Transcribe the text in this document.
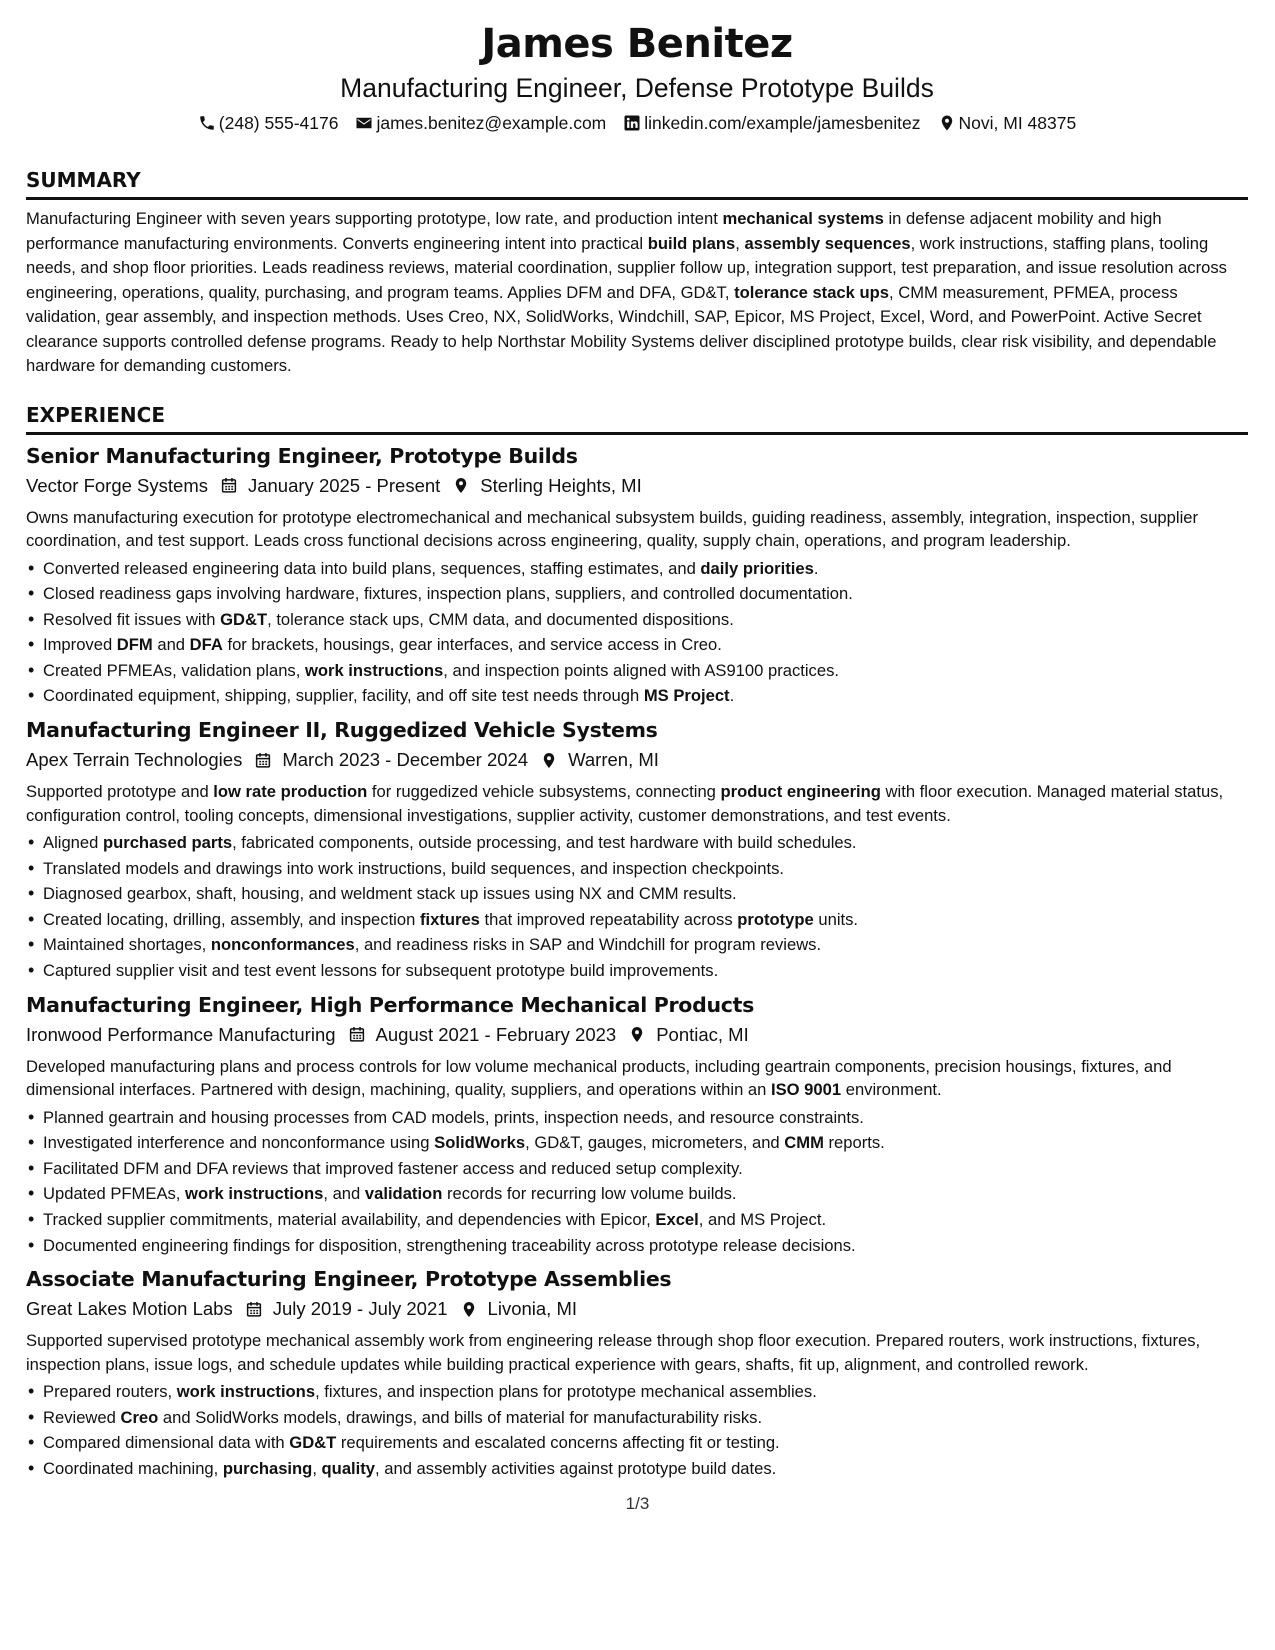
James Benitez
Manufacturing Engineer, Defense Prototype Builds
(248) 555-4176 james.benitez@example.com linkedin.com/example/jamesbenitez Novi, MI 48375
SUMMARY
Manufacturing Engineer with seven years supporting prototype, low rate, and production intent mechanical systems in defense adjacent mobility and high performance manufacturing environments. Converts engineering intent into practical build plans, assembly sequences, work instructions, staffing plans, tooling needs, and shop floor priorities. Leads readiness reviews, material coordination, supplier follow up, integration support, test preparation, and issue resolution across engineering, operations, quality, purchasing, and program teams. Applies DFM and DFA, GD&T, tolerance stack ups, CMM measurement, PFMEA, process validation, gear assembly, and inspection methods. Uses Creo, NX, SolidWorks, Windchill, SAP, Epicor, MS Project, Excel, Word, and PowerPoint. Active Secret clearance supports controlled defense programs. Ready to help Northstar Mobility Systems deliver disciplined prototype builds, clear risk visibility, and dependable hardware for demanding customers.
EXPERIENCE
Senior Manufacturing Engineer, Prototype Builds
Vector Forge Systems January 2025 - Present Sterling Heights, MI
Owns manufacturing execution for prototype electromechanical and mechanical subsystem builds, guiding readiness, assembly, integration, inspection, supplier coordination, and test support. Leads cross functional decisions across engineering, quality, supply chain, operations, and program leadership.
• Converted released engineering data into build plans, sequences, staffing estimates, and daily priorities.
• Closed readiness gaps involving hardware, fixtures, inspection plans, suppliers, and controlled documentation.
• Resolved fit issues with GD&T, tolerance stack ups, CMM data, and documented dispositions.
• Improved DFM and DFA for brackets, housings, gear interfaces, and service access in Creo.
• Created PFMEAs, validation plans, work instructions, and inspection points aligned with AS9100 practices.
• Coordinated equipment, shipping, supplier, facility, and off site test needs through MS Project.
Manufacturing Engineer II, Ruggedized Vehicle Systems
Apex Terrain Technologies March 2023 - December 2024 Warren, MI
Supported prototype and low rate production for ruggedized vehicle subsystems, connecting product engineering with floor execution. Managed material status, configuration control, tooling concepts, dimensional investigations, supplier activity, customer demonstrations, and test events.
• Aligned purchased parts, fabricated components, outside processing, and test hardware with build schedules.
• Translated models and drawings into work instructions, build sequences, and inspection checkpoints.
• Diagnosed gearbox, shaft, housing, and weldment stack up issues using NX and CMM results.
• Created locating, drilling, assembly, and inspection fixtures that improved repeatability across prototype units.
• Maintained shortages, nonconformances, and readiness risks in SAP and Windchill for program reviews.
• Captured supplier visit and test event lessons for subsequent prototype build improvements.
Manufacturing Engineer, High Performance Mechanical Products
Ironwood Performance Manufacturing August 2021 - February 2023 Pontiac, MI
Developed manufacturing plans and process controls for low volume mechanical products, including geartrain components, precision housings, fixtures, and dimensional interfaces. Partnered with design, machining, quality, suppliers, and operations within an ISO 9001 environment.
• Planned geartrain and housing processes from CAD models, prints, inspection needs, and resource constraints.
• Investigated interference and nonconformance using SolidWorks, GD&T, gauges, micrometers, and CMM reports.
• Facilitated DFM and DFA reviews that improved fastener access and reduced setup complexity.
• Updated PFMEAs, work instructions, and validation records for recurring low volume builds.
• Tracked supplier commitments, material availability, and dependencies with Epicor, Excel, and MS Project.
• Documented engineering findings for disposition, strengthening traceability across prototype release decisions.
Associate Manufacturing Engineer, Prototype Assemblies
Great Lakes Motion Labs July 2019 - July 2021 Livonia, MI
Supported supervised prototype mechanical assembly work from engineering release through shop floor execution. Prepared routers, work instructions, fixtures, inspection plans, issue logs, and schedule updates while building practical experience with gears, shafts, fit up, alignment, and controlled rework.
• Prepared routers, work instructions, fixtures, and inspection plans for prototype mechanical assemblies.
• Reviewed Creo and SolidWorks models, drawings, and bills of material for manufacturability risks.
• Compared dimensional data with GD&T requirements and escalated concerns affecting fit or testing.
• Coordinated machining, purchasing, quality, and assembly activities against prototype build dates.
1/3
